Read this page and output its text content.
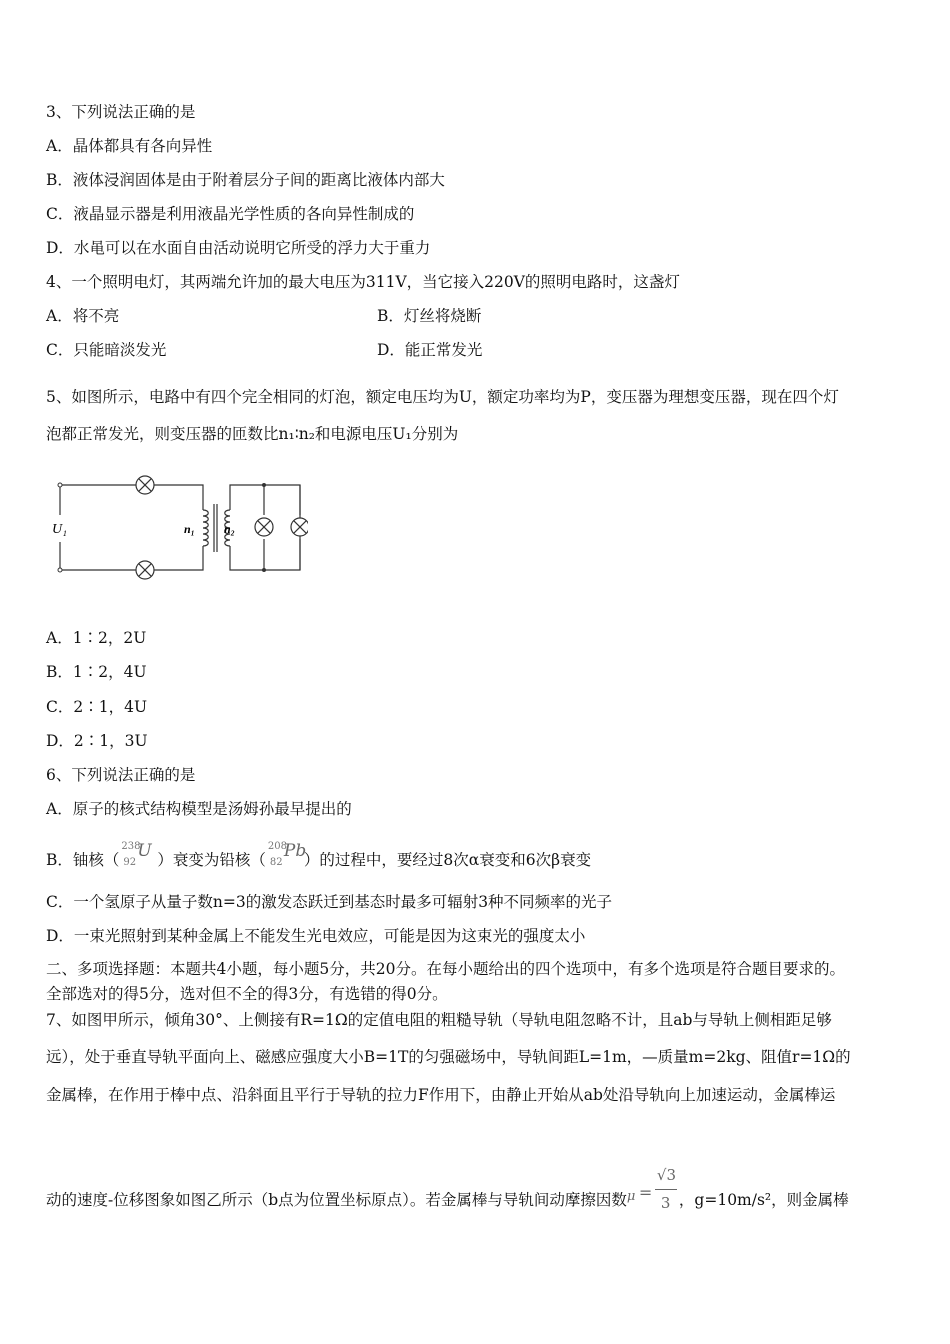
3、下列说法正确的是
A．晶体都具有各向异性
B．液体浸润固体是由于附着层分子间的距离比液体内部大
C．液晶显示器是利用液晶光学性质的各向异性制成的
D．水黾可以在水面自由活动说明它所受的浮力大于重力
4、一个照明电灯，其两端允许加的最大电压为311V，当它接入220V的照明电路时，这盏灯
A．将不亮	B．灯丝将烧断
C．只能暗淡发光	D．能正常发光
5、如图所示，电路中有四个完全相同的灯泡，额定电压均为U，额定功率均为P，变压器为理想变压器，现在四个灯
泡都正常发光，则变压器的匝数比n₁∶n₂和电源电压U₁分别为
U₁	n₁ n₂
A．1∶2，2U
B．1∶2，4U
C．2∶1，4U
D．2∶1，3U
6、下列说法正确的是
A．原子的核式结构模型是汤姆孙最早提出的
B．铀核（
238
92
U ）衰变为铅核（
208
82
Pb
）的过程中，要经过8次α衰变和6次β衰变
C．一个氢原子从量子数n=3的激发态跃迁到基态时最多可辐射3种不同频率的光子
D．一束光照射到某种金属上不能发生光电效应，可能是因为这束光的强度太小
二、多项选择题：本题共4小题，每小题5分，共20分。在每小题给出的四个选项中，有多个选项是符合题目要求的。
全部选对的得5分，选对但不全的得3分，有选错的得0分。
7、如图甲所示，倾角30°、上侧接有R=1Ω的定值电阻的粗糙导轨（导轨电阻忽略不计，且ab与导轨上侧相距足够
远），处于垂直导轨平面向上、磁感应强度大小B=1T的匀强磁场中，导轨间距L=1m，—质量m=2kg、阻值r=1Ω的
金属棒，在作用于棒中点、沿斜面且平行于导轨的拉力F作用下，由静止开始从ab处沿导轨向上加速运动，金属棒运
动的速度-位移图象如图乙所示（b点为位置坐标原点）。若金属棒与导轨间动摩擦因数 μ =
√3
3 ，g=10m/s²，则金属棒
